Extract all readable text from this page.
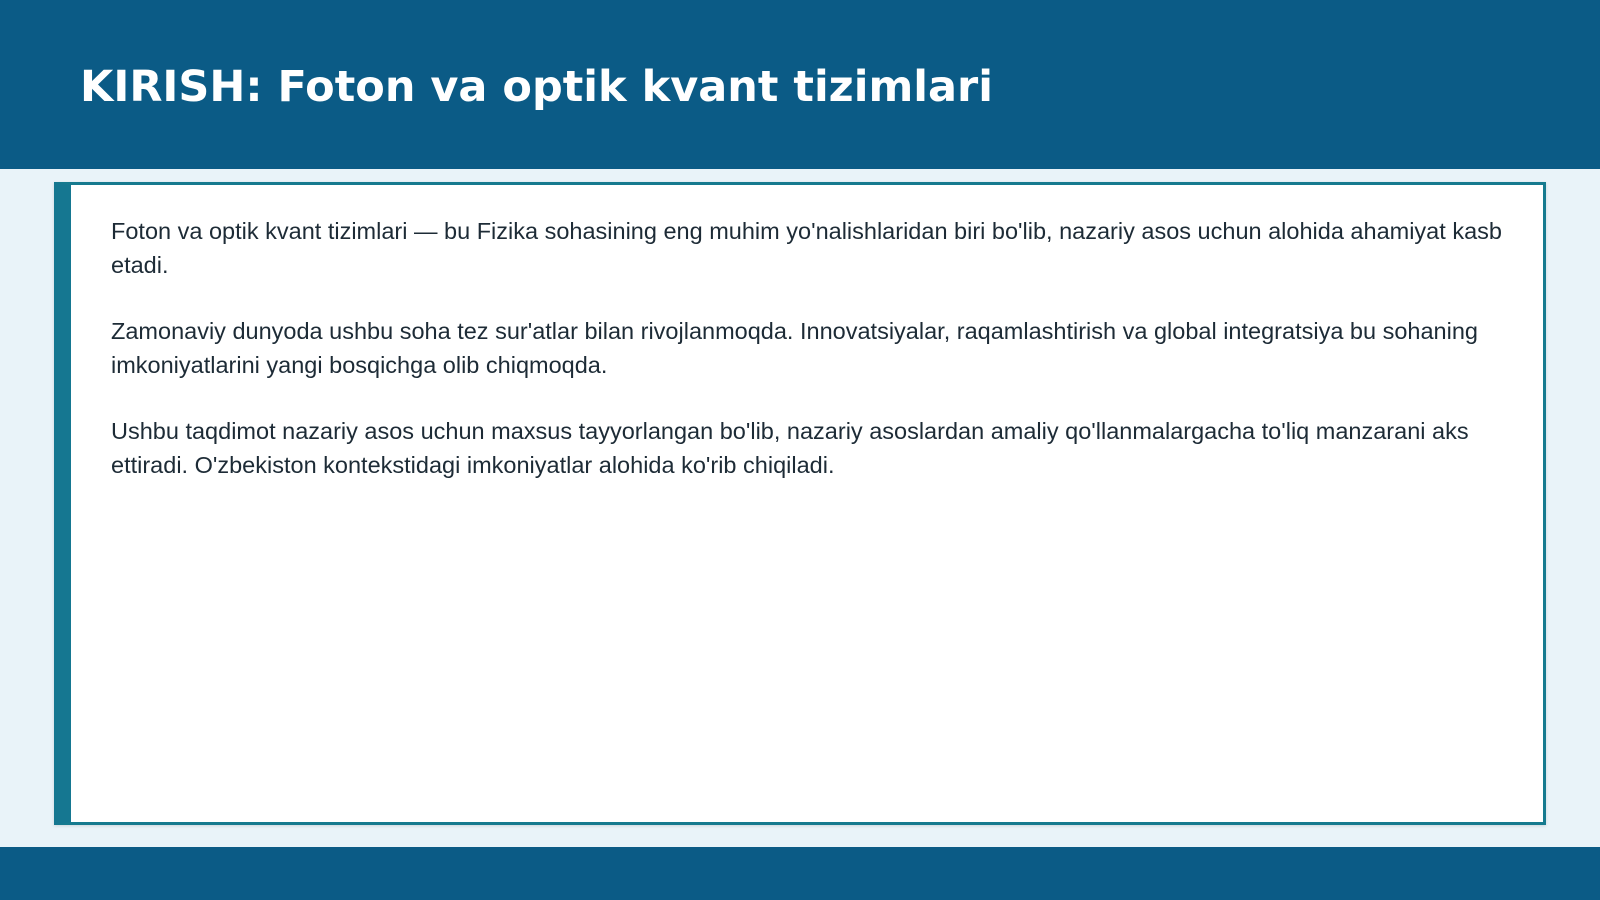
KIRISH: Foton va optik kvant tizimlari

Foton va optik kvant tizimlari — bu Fizika sohasining eng muhim yo'nalishlaridan biri bo'lib, nazariy asos uchun alohida ahamiyat kasb etadi.

Zamonaviy dunyoda ushbu soha tez sur'atlar bilan rivojlanmoqda. Innovatsiyalar, raqamlashtirish va global integratsiya bu sohaning imkoniyatlarini yangi bosqichga olib chiqmoqda.

Ushbu taqdimot nazariy asos uchun maxsus tayyorlangan bo'lib, nazariy asoslardan amaliy qo'llanmalargacha to'liq manzarani aks ettiradi. O'zbekiston kontekstidagi imkoniyatlar alohida ko'rib chiqiladi.
